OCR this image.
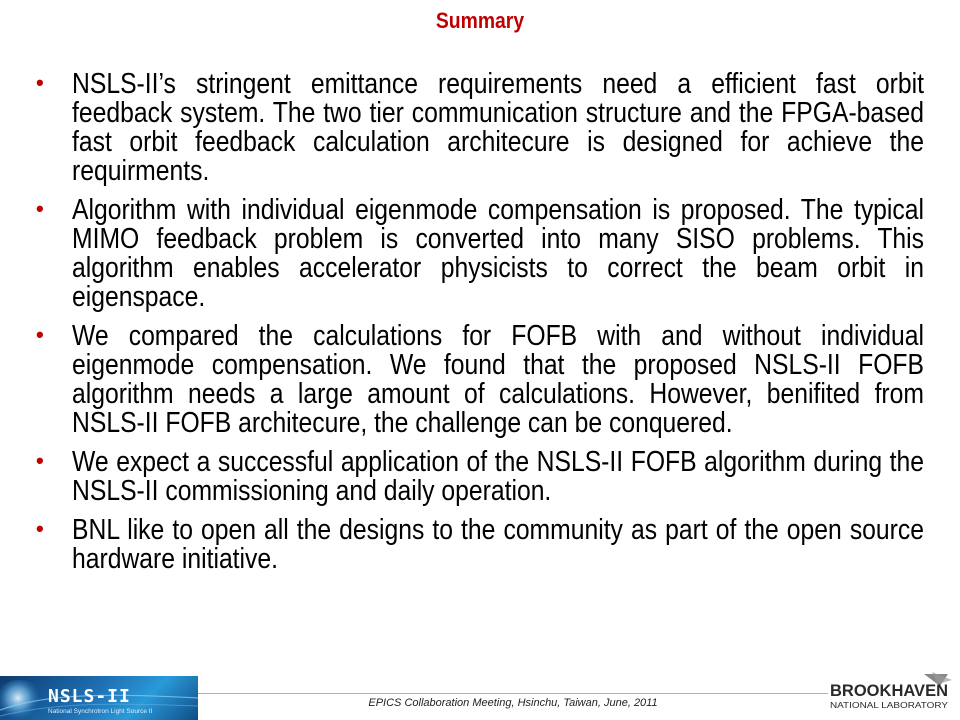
Summary
• NSLS-II’s stringent emittance requirements need a efficient fast orbit feedback system. The two tier communication structure and the FPGA-based fast orbit feedback calculation architecure is designed for achieve the requirments.
• Algorithm with individual eigenmode compensation is proposed. The typical MIMO feedback problem is converted into many SISO problems. This algorithm enables accelerator physicists to correct the beam orbit in eigenspace.
• We compared the calculations for FOFB with and without individual eigenmode compensation. We found that the proposed NSLS-II FOFB algorithm needs a large amount of calculations. However, benifited from NSLS-II FOFB architecure, the challenge can be conquered.
• We expect a successful application of the NSLS-II FOFB algorithm during the NSLS-II commissioning and daily operation.
• BNL like to open all the designs to the community as part of the open source hardware initiative.
NSLS-II
National Synchrotron Light Source II
EPICS Collaboration Meeting, Hsinchu, Taiwan, June, 2011
BROOKHAVEN
NATIONAL LABORATORY
